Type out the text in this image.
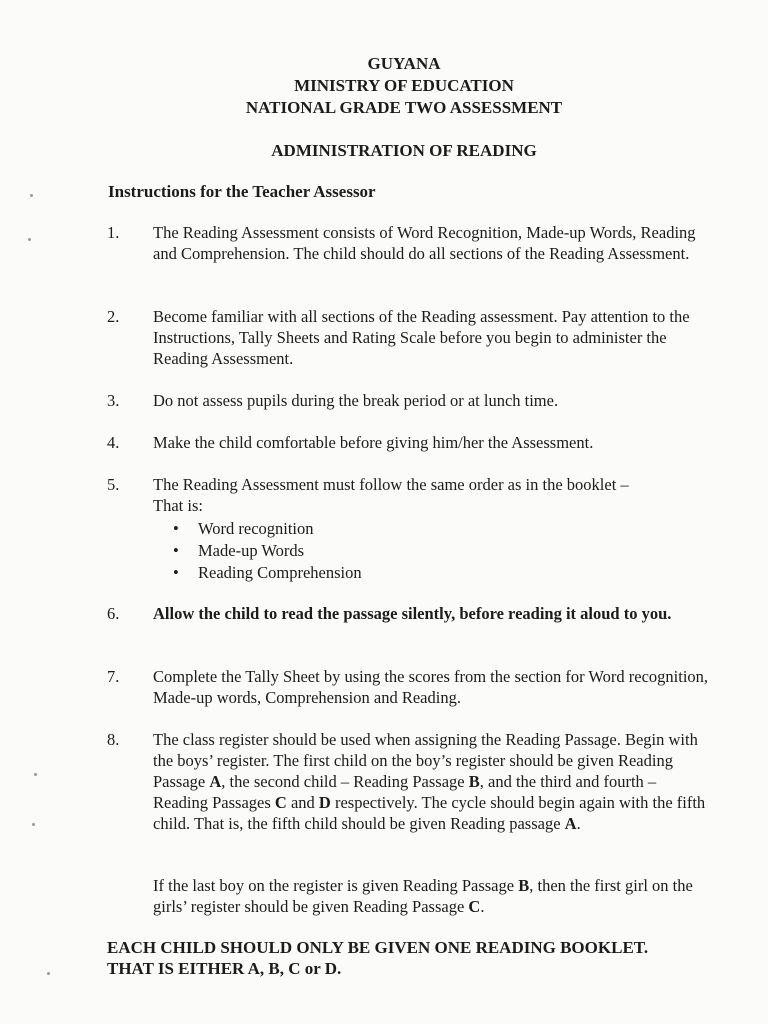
GUYANA
MINISTRY OF EDUCATION
NATIONAL GRADE TWO ASSESSMENT
ADMINISTRATION OF READING
Instructions for the Teacher Assessor
1. The Reading Assessment consists of Word Recognition, Made-up Words, Reading and Comprehension. The child should do all sections of the Reading Assessment.

2. Become familiar with all sections of the Reading assessment. Pay attention to the Instructions, Tally Sheets and Rating Scale before you begin to administer the Reading Assessment.

3. Do not assess pupils during the break period or at lunch time.

4. Make the child comfortable before giving him/her the Assessment.

5. The Reading Assessment must follow the same order as in the booklet –

That is:

• Word recognition
• Made-up Words
• Reading Comprehension
6. Allow the child to read the passage silently, before reading it aloud to you.

7. Complete the Tally Sheet by using the scores from the section for Word recognition, Made-up words, Comprehension and Reading.

8. The class register should be used when assigning the Reading Passage. Begin with the boys’ register. The first child on the boy’s register should be given Reading Passage A, the second child – Reading Passage B, and the third and fourth – Reading Passages C and D respectively. The cycle should begin again with the fifth child. That is, the fifth child should be given Reading passage A.

If the last boy on the register is given Reading Passage B, then the first girl on the girls’ register should be given Reading Passage C.
EACH CHILD SHOULD ONLY BE GIVEN ONE READING BOOKLET.
THAT IS EITHER A, B, C or D.
